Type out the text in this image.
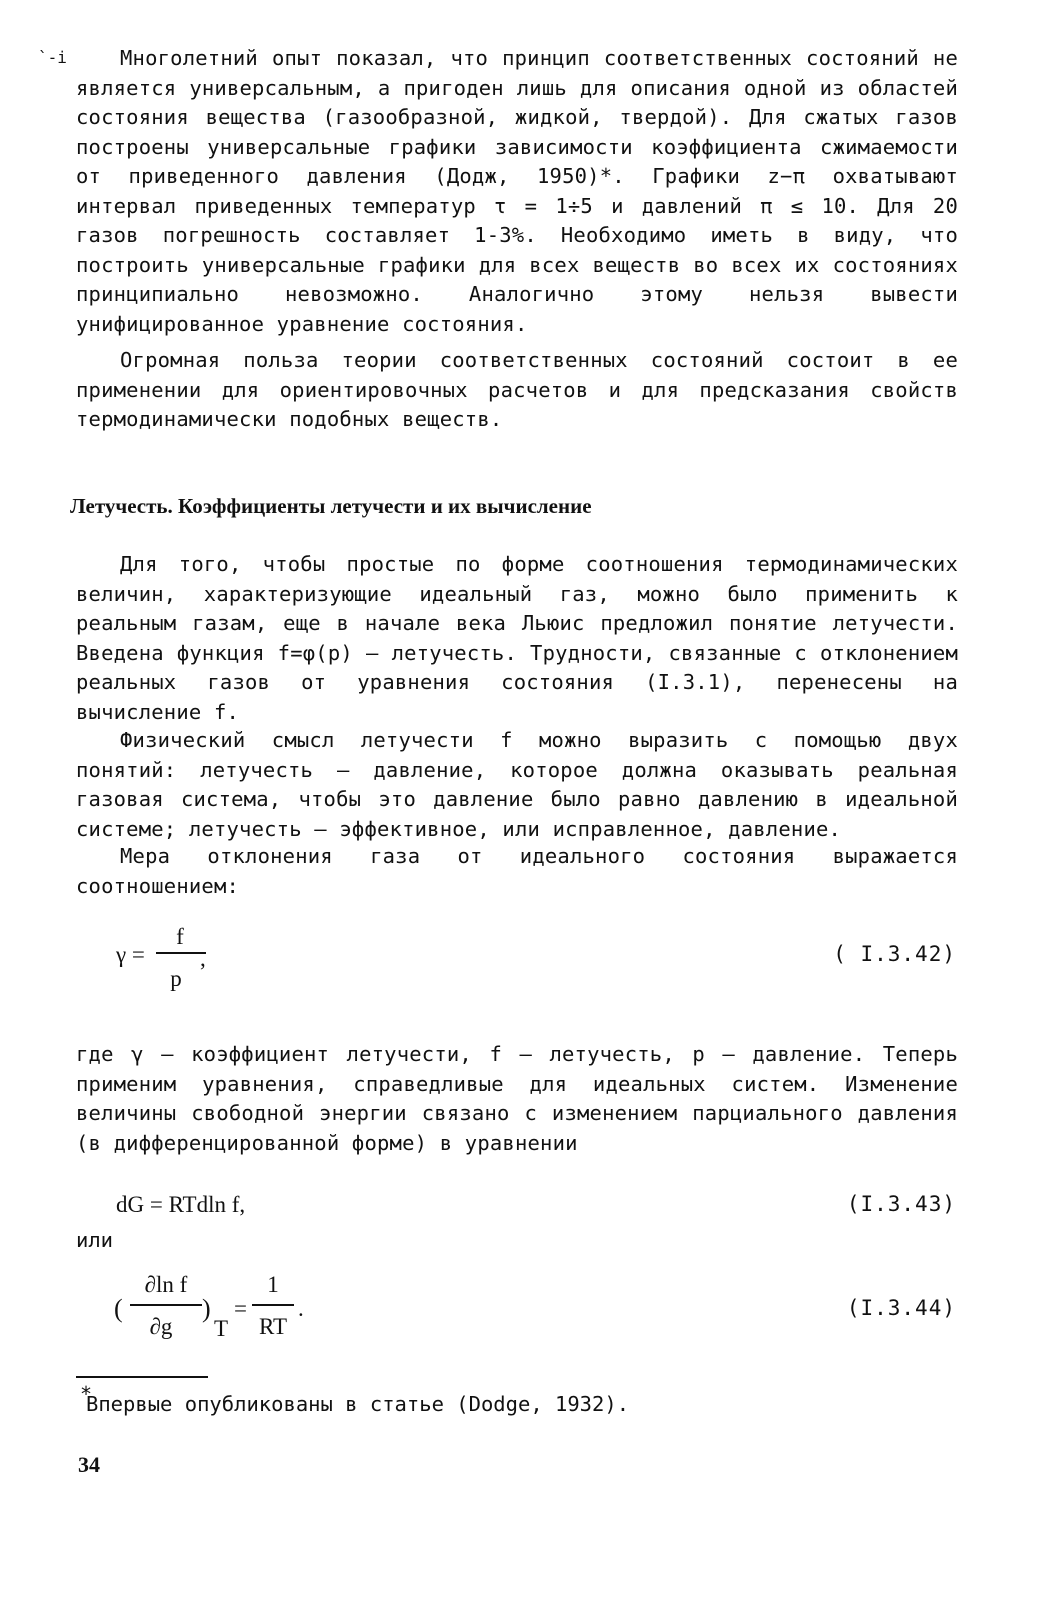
`-і	Многолетний опыт показал, что принцип соответственных состояний не является универсальным, а пригоден лишь для описания одной из областей состояния вещества (газообразной, жидкой, твердой). Для сжатых газов построены универсальные графики зависимости коэффициента сжимаемости от приведенного давления (Додж, 1950)*. Графики z−π охватывают интервал приведенных температур τ = 1÷5 и давлений π ≤ 10. Для 20 газов погрешность составляет 1-3%. Необходимо иметь в виду, что построить универсальные графики для всех веществ во всех их состояниях принципиально невозможно. Аналогично этому нельзя вывести унифицированное уравнение состояния.

Огромная польза теории соответственных состояний состоит в ее применении для ориентировочных расчетов и для предсказания свойств термодинамически подобных веществ.

Летучесть. Коэффициенты летучести и их вычисление

Для того, чтобы простые по форме соотношения термодинамических величин, характеризующие идеальный газ, можно было применить к реальным газам, еще в начале века Льюис предложил понятие летучести. Введена функция f=φ(p) – летучесть. Трудности, связанные с отклонением реальных газов от уравнения состояния (I.3.1), перенесены на вычисление f.

Физический смысл летучести f можно выразить с помощью двух понятий: летучесть – давление, которое должна оказывать реальная газовая система, чтобы это давление было равно давлению в идеальной системе; летучесть – эффективное, или исправленное, давление.

Мера отклонения газа от идеального состояния выражается соотношением:

γ =
f
p
,	( I.3.42)

где γ – коэффициент летучести, f – летучесть, p – давление. Теперь применим уравнения, справедливые для идеальных систем. Изменение величины свободной энергии связано с изменением парциального давления (в дифференцированной форме) в уравнении

dG = RTdln f,	(I.3.43)
или
(
∂ln f
∂g
)
T
=
1
RT
.	(I.3.44)
*
Впервые опубликованы в статье (Dodge, 1932).
34
